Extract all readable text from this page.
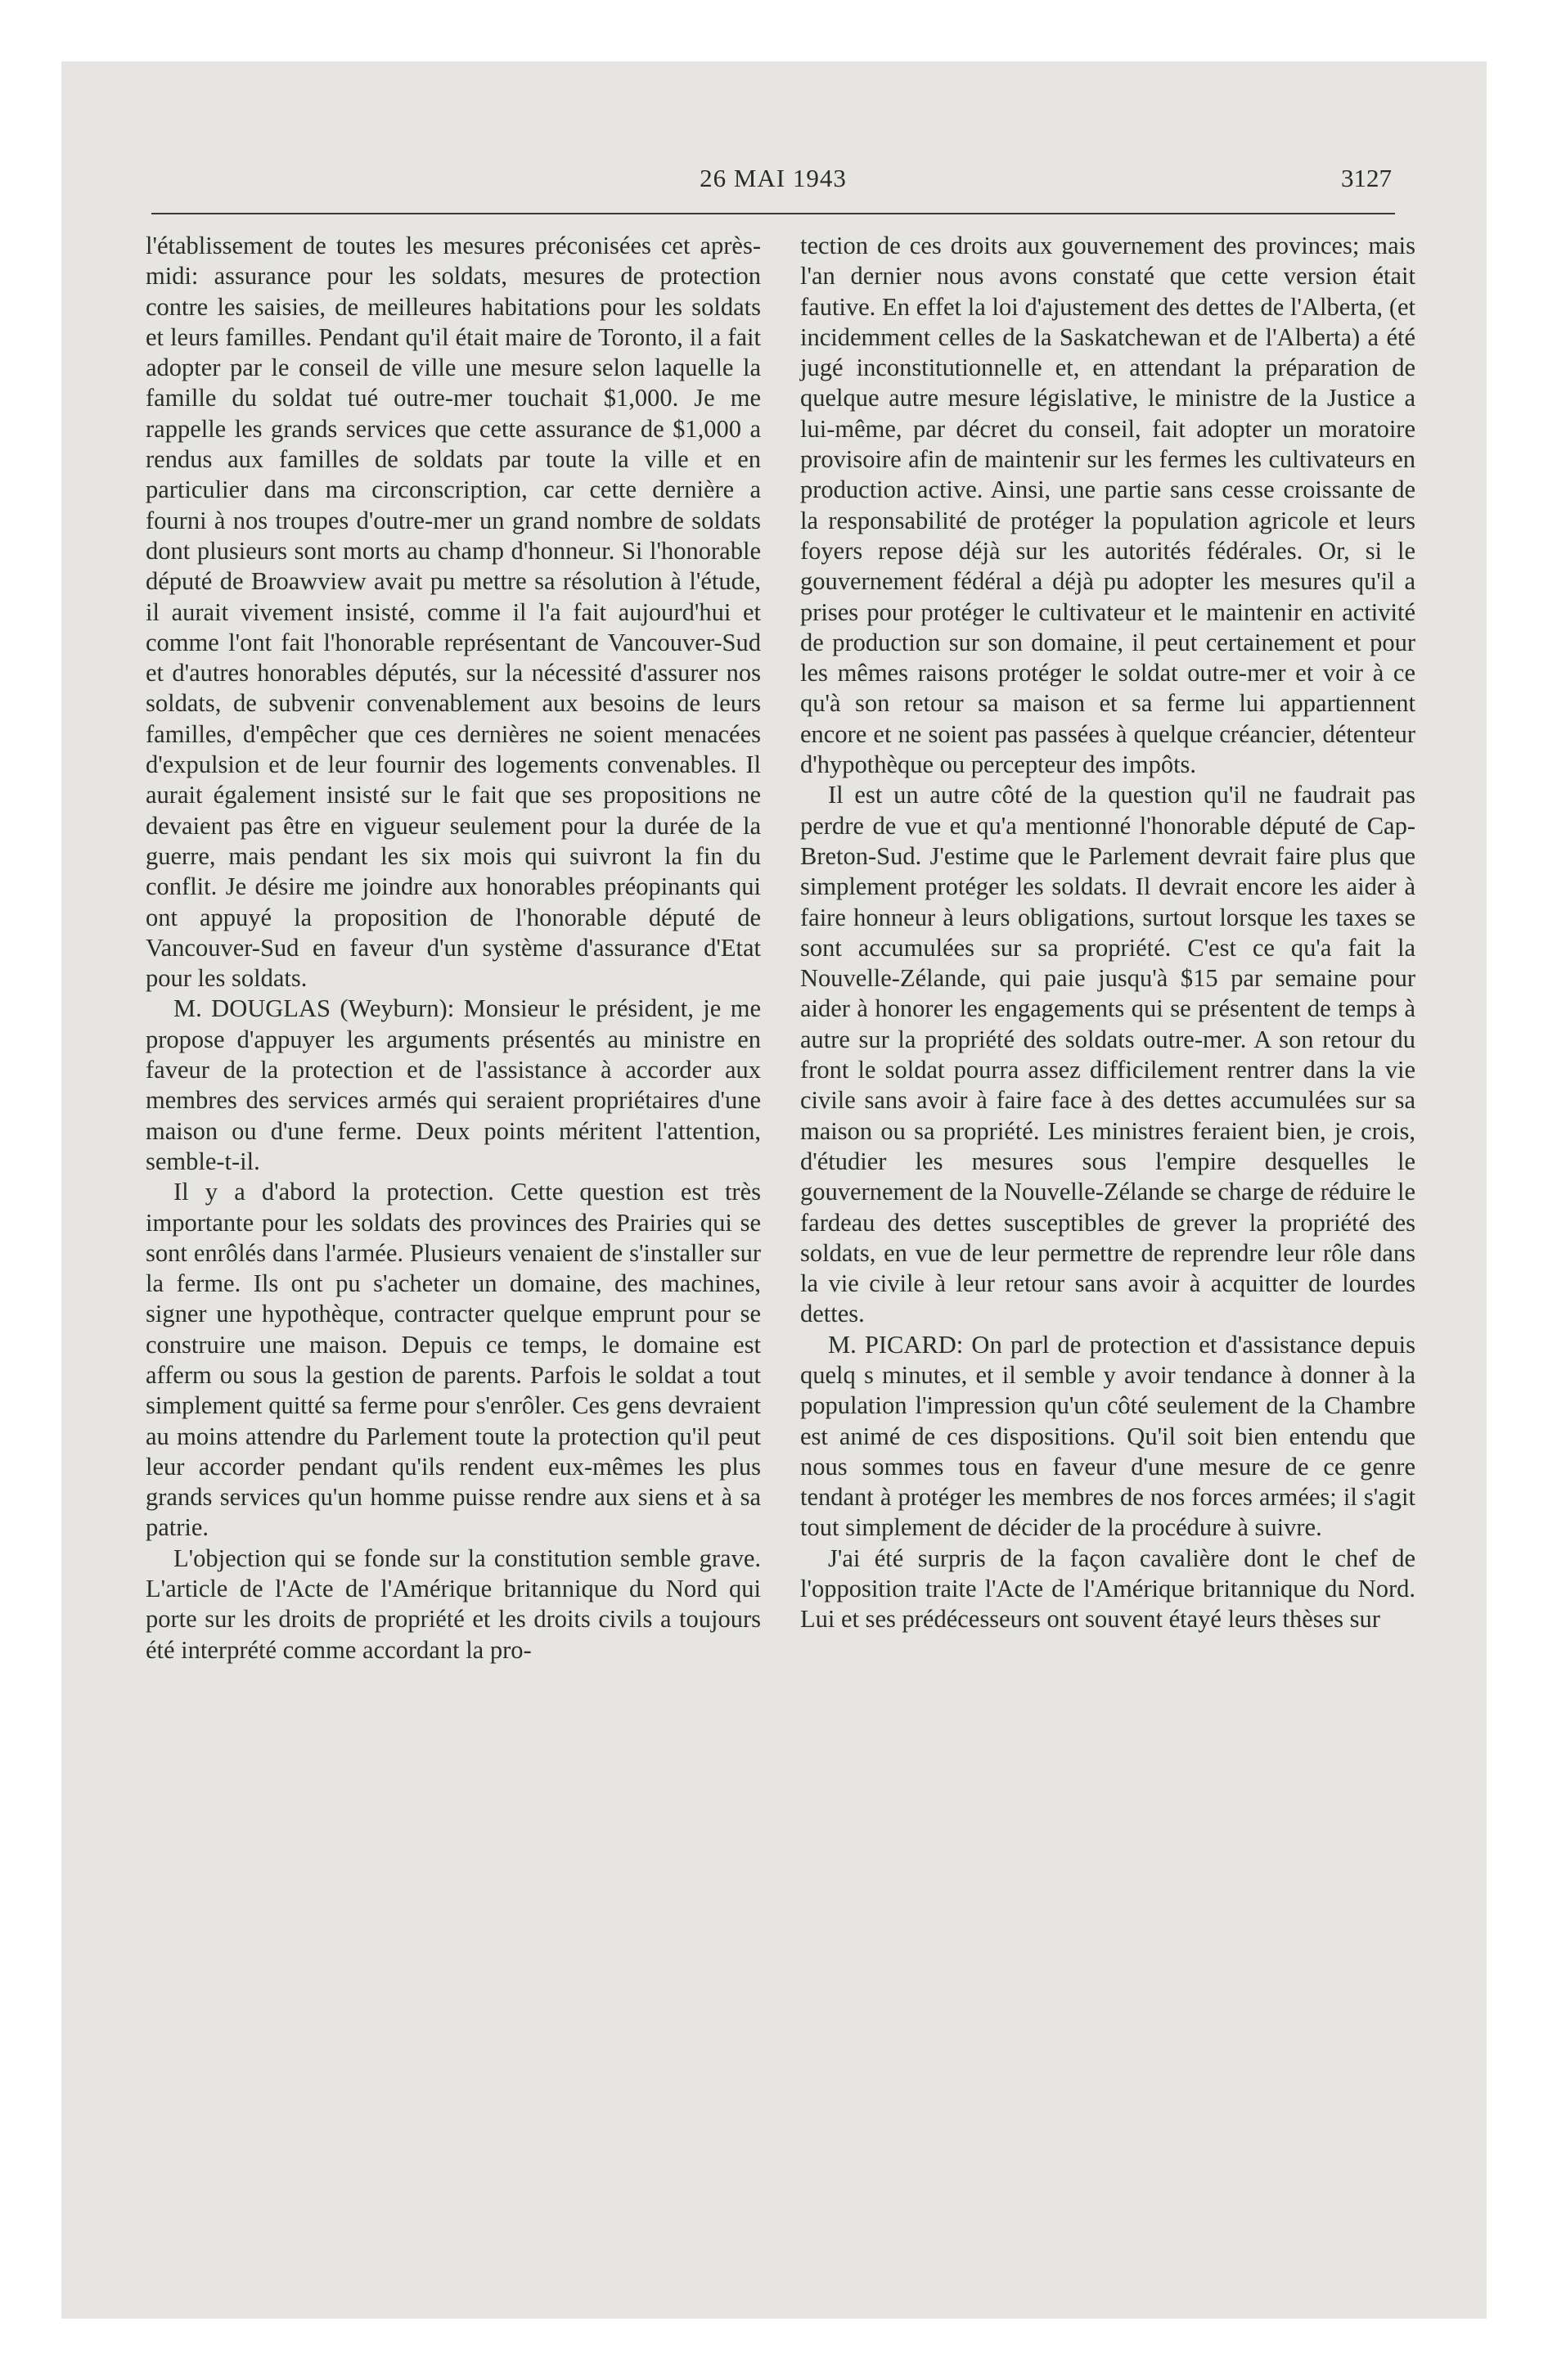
26 MAI 1943	3127

l'établissement de toutes les mesures préconisées cet après-midi: assurance pour les soldats, mesures de protection contre les saisies, de meilleures habitations pour les soldats et leurs familles. Pendant qu'il était maire de Toronto, il a fait adopter par le conseil de ville une mesure selon laquelle la famille du soldat tué outre-mer touchait $1,000. Je me rappelle les grands services que cette assurance de $1,000 a rendus aux familles de soldats par toute la ville et en particulier dans ma circonscription, car cette dernière a fourni à nos troupes d'outre-mer un grand nombre de soldats dont plusieurs sont morts au champ d'honneur. Si l'honorable député de Broawview avait pu mettre sa résolution à l'étude, il aurait vivement insisté, comme il l'a fait aujourd'hui et comme l'ont fait l'honorable représentant de Vancouver-Sud et d'autres honorables députés, sur la nécessité d'assurer nos soldats, de subvenir convenablement aux besoins de leurs familles, d'empêcher que ces dernières ne soient menacées d'expulsion et de leur fournir des logements convenables. Il aurait également insisté sur le fait que ses propositions ne devaient pas être en vigueur seulement pour la durée de la guerre, mais pendant les six mois qui suivront la fin du conflit. Je désire me joindre aux honorables préopinants qui ont appuyé la proposition de l'honorable député de Vancouver-Sud en faveur d'un système d'assurance d'Etat pour les soldats.

M. DOUGLAS (Weyburn): Monsieur le président, je me propose d'appuyer les arguments présentés au ministre en faveur de la protection et de l'assistance à accorder aux membres des services armés qui seraient propriétaires d'une maison ou d'une ferme. Deux points méritent l'attention, semble-t-il.

Il y a d'abord la protection. Cette question est très importante pour les soldats des provinces des Prairies qui se sont enrôlés dans l'armée. Plusieurs venaient de s'installer sur la ferme. Ils ont pu s'acheter un domaine, des machines, signer une hypothèque, contracter quelque emprunt pour se construire une maison. Depuis ce temps, le domaine est afferm ou sous la gestion de parents. Parfois le soldat a tout simplement quitté sa ferme pour s'enrôler. Ces gens devraient au moins attendre du Parlement toute la protection qu'il peut leur accorder pendant qu'ils rendent eux-mêmes les plus grands services qu'un homme puisse rendre aux siens et à sa patrie.

L'objection qui se fonde sur la constitution semble grave. L'article de l'Acte de l'Amérique britannique du Nord qui porte sur les droits de propriété et les droits civils a toujours été interprété comme accordant la pro-

tection de ces droits aux gouvernement des provinces; mais l'an dernier nous avons constaté que cette version était fautive. En effet la loi d'ajustement des dettes de l'Alberta, (et incidemment celles de la Saskatchewan et de l'Alberta) a été jugé inconstitutionnelle et, en attendant la préparation de quelque autre mesure législative, le ministre de la Justice a lui-même, par décret du conseil, fait adopter un moratoire provisoire afin de maintenir sur les fermes les cultivateurs en production active. Ainsi, une partie sans cesse croissante de la responsabilité de protéger la population agricole et leurs foyers repose déjà sur les autorités fédérales. Or, si le gouvernement fédéral a déjà pu adopter les mesures qu'il a prises pour protéger le cultivateur et le maintenir en activité de production sur son domaine, il peut certainement et pour les mêmes raisons protéger le soldat outre-mer et voir à ce qu'à son retour sa maison et sa ferme lui appartiennent encore et ne soient pas passées à quelque créancier, détenteur d'hypothèque ou percepteur des impôts.

Il est un autre côté de la question qu'il ne faudrait pas perdre de vue et qu'a mentionné l'honorable député de Cap-Breton-Sud. J'estime que le Parlement devrait faire plus que simplement protéger les soldats. Il devrait encore les aider à faire honneur à leurs obligations, surtout lorsque les taxes se sont accumulées sur sa propriété. C'est ce qu'a fait la Nouvelle-Zélande, qui paie jusqu'à $15 par semaine pour aider à honorer les engagements qui se présentent de temps à autre sur la propriété des soldats outre-mer. A son retour du front le soldat pourra assez difficilement rentrer dans la vie civile sans avoir à faire face à des dettes accumulées sur sa maison ou sa propriété. Les ministres feraient bien, je crois, d'étudier les mesures sous l'empire desquelles le gouvernement de la Nouvelle-Zélande se charge de réduire le fardeau des dettes susceptibles de grever la propriété des soldats, en vue de leur permettre de reprendre leur rôle dans la vie civile à leur retour sans avoir à acquitter de lourdes dettes.

M. PICARD: On parl de protection et d'assistance depuis quelq s minutes, et il semble y avoir tendance à donner à la population l'impression qu'un côté seulement de la Chambre est animé de ces dispositions. Qu'il soit bien entendu que nous sommes tous en faveur d'une mesure de ce genre tendant à protéger les membres de nos forces armées; il s'agit tout simplement de décider de la procédure à suivre.

J'ai été surpris de la façon cavalière dont le chef de l'opposition traite l'Acte de l'Amérique britannique du Nord. Lui et ses prédécesseurs ont souvent étayé leurs thèses sur
